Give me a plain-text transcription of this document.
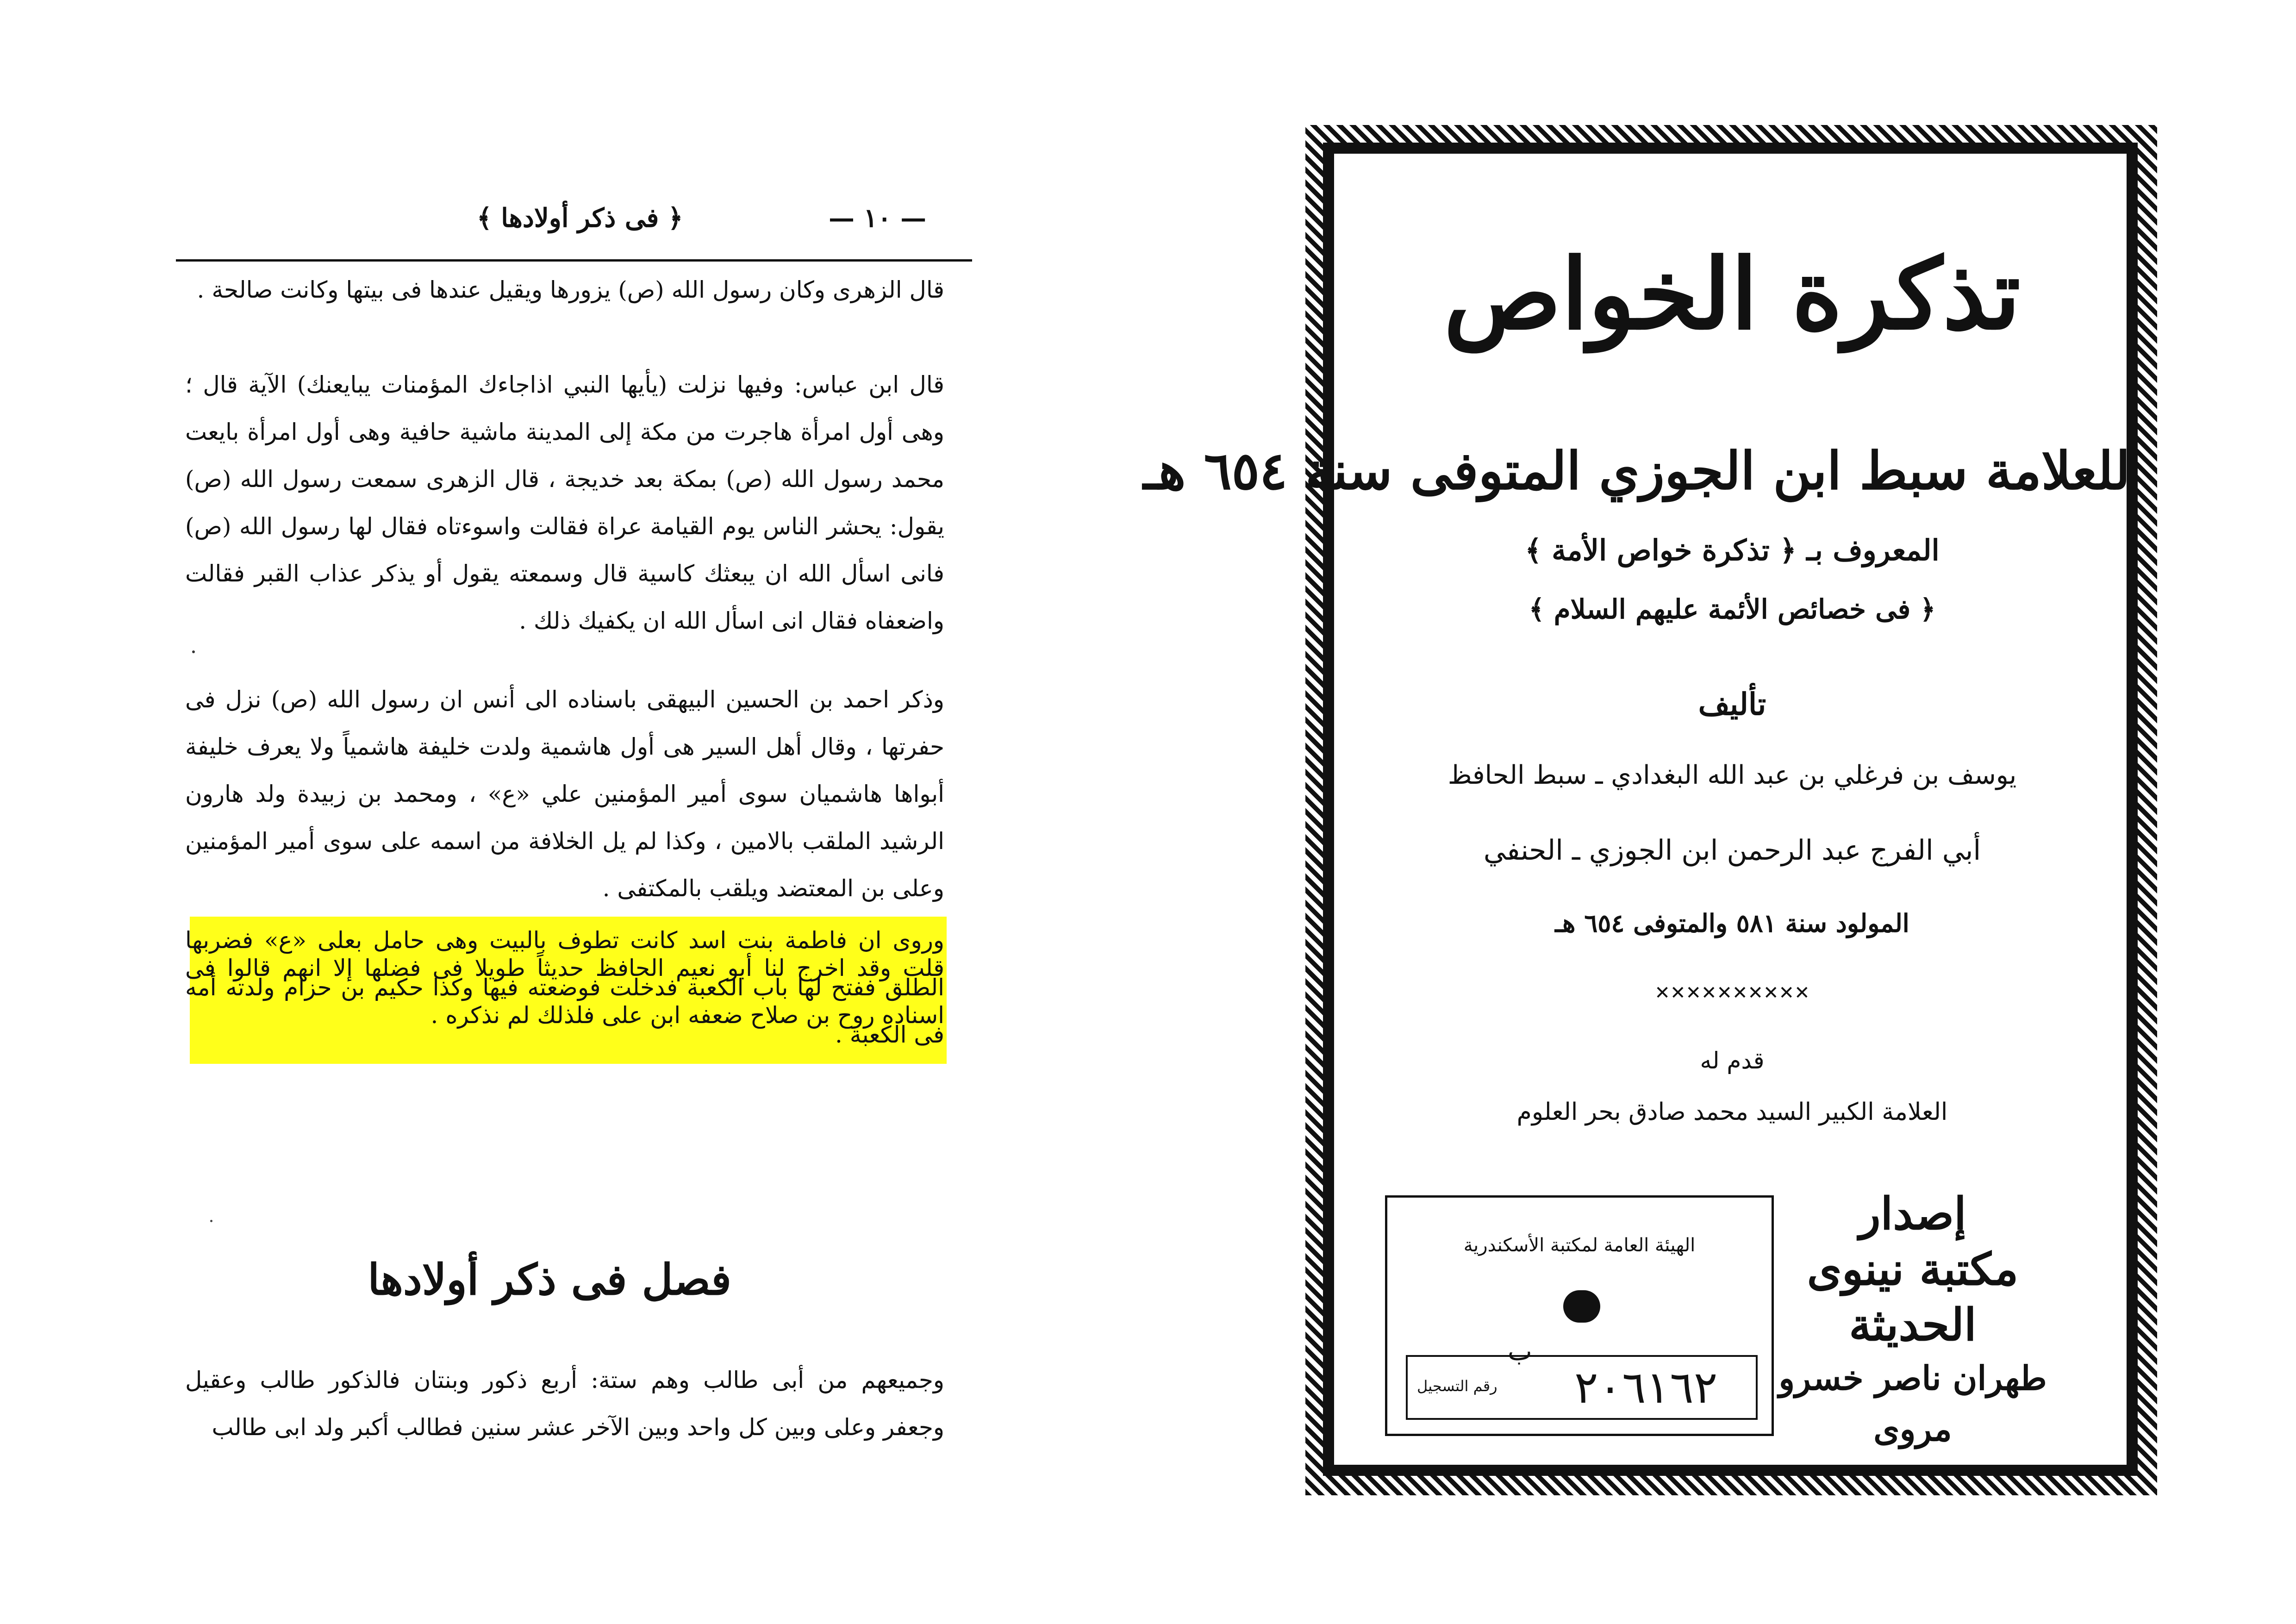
﴿ فى ذكر أولادها ﴾	— ١٠ —
قال الزهرى وكان رسول الله (ص) يزورها ويقيل عندها فى بيتها وكانت صالحة .
قال ابن عباس: وفيها نزلت (يأيها النبي اذاجاءك المؤمنات يبايعنك) الآية قال ؛ وهى أول امرأة هاجرت من مكة إلى المدينة ماشية حافية وهى أول امرأة بايعت محمد رسول الله (ص) بمكة بعد خديجة ، قال الزهرى سمعت رسول الله (ص) يقول: يحشر الناس يوم القيامة عراة فقالت واسوءتاه فقال لها رسول الله (ص) فانى اسأل الله ان يبعثك كاسية قال وسمعته يقول أو يذكر عذاب القبر فقالت واضعفاه فقال انى اسأل الله ان يكفيك ذلك .
وذكر احمد بن الحسين البيهقى باسناده الى أنس ان رسول الله (ص) نزل فى حفرتها ، وقال أهل السير هى أول هاشمية ولدت خليفة هاشمياً ولا يعرف خليفة أبواها هاشميان سوى أمير المؤمنين علي «ع» ، ومحمد بن زبيدة ولد هارون الرشيد الملقب بالامين ، وكذا لم يل الخلافة من اسمه على سوى أمير المؤمنين وعلى بن المعتضد ويلقب بالمكتفى .
وروى ان فاطمة بنت اسد كانت تطوف بالبيت وهى حامل بعلى «ع» فضربها الطلق ففتح لها باب الكعبة فدخلت فوضعته فيها وكذا حكيم بن حزام ولدته أمه فى الكعبة .
قلت وقد اخرج لنا أبو نعيم الحافظ حديثاً طويلا فى فضلها إلا انهم قالوا فى اسناده روح بن صلاح ضعفه ابن على فلذلك لم نذكره .
فصل فى ذكر أولادها
وجميعهم من أبى طالب وهم ستة: أربع ذكور وبنتان فالذكور طالب وعقيل وجعفر وعلى وبين كل واحد وبين الآخر عشر سنين فطالب أكبر ولد ابى طالب
تذكرة الخواص
للعلامة سبط ابن الجوزي المتوفى سنة ٦٥٤ هـ
المعروف بـ ﴿ تذكرة خواص الأمة ﴾
﴿ فى خصائص الأئمة عليهم السلام ﴾
تأليف
يوسف بن فرغلي بن عبد الله البغدادي ـ سبط الحافظ
أبي الفرج عبد الرحمن ابن الجوزي ـ الحنفي
المولود سنة ٥٨١ والمتوفى ٦٥٤ هـ
✕✕✕✕✕✕✕✕✕✕
قدم له
العلامة الكبير السيد محمد صادق بحر العلوم
الهيئة العامة لمكتبة الأسكندرية
ب
رقم التسجيل ٢٠٦١٦٢
إصدار
مكتبة نينوى الحديثة
طهران ناصر خسرو مروى
